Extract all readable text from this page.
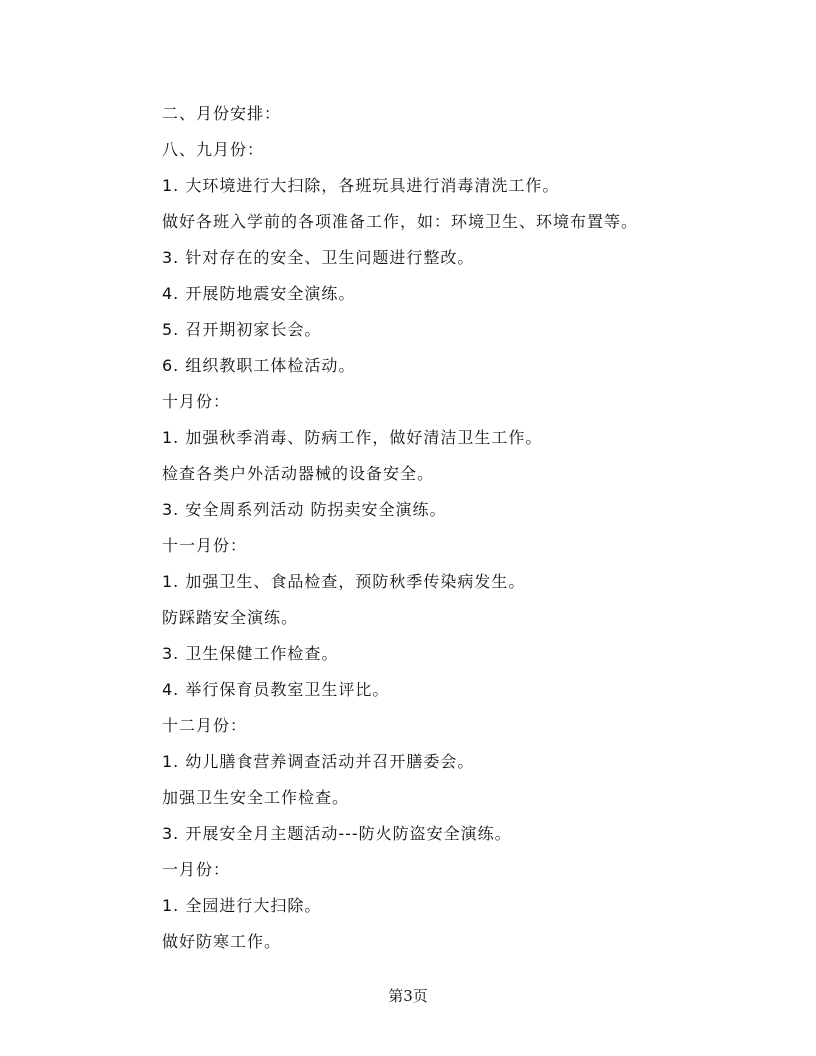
二、月份安排：
八、九月份：
1. 大环境进行大扫除，各班玩具进行消毒清洗工作。
做好各班入学前的各项准备工作，如：环境卫生、环境布置等。
3. 针对存在的安全、卫生问题进行整改。
4. 开展防地震安全演练。
5. 召开期初家长会。
6. 组织教职工体检活动。
十月份：
1. 加强秋季消毒、防病工作，做好清洁卫生工作。
检查各类户外活动器械的设备安全。
3. 安全周系列活动 防拐卖安全演练。
十一月份：
1. 加强卫生、食品检查，预防秋季传染病发生。
防踩踏安全演练。
3. 卫生保健工作检查。
4. 举行保育员教室卫生评比。
十二月份：
1. 幼儿膳食营养调查活动并召开膳委会。
加强卫生安全工作检查。
3. 开展安全月主题活动---防火防盗安全演练。
一月份：
1. 全园进行大扫除。
做好防寒工作。
第3页
